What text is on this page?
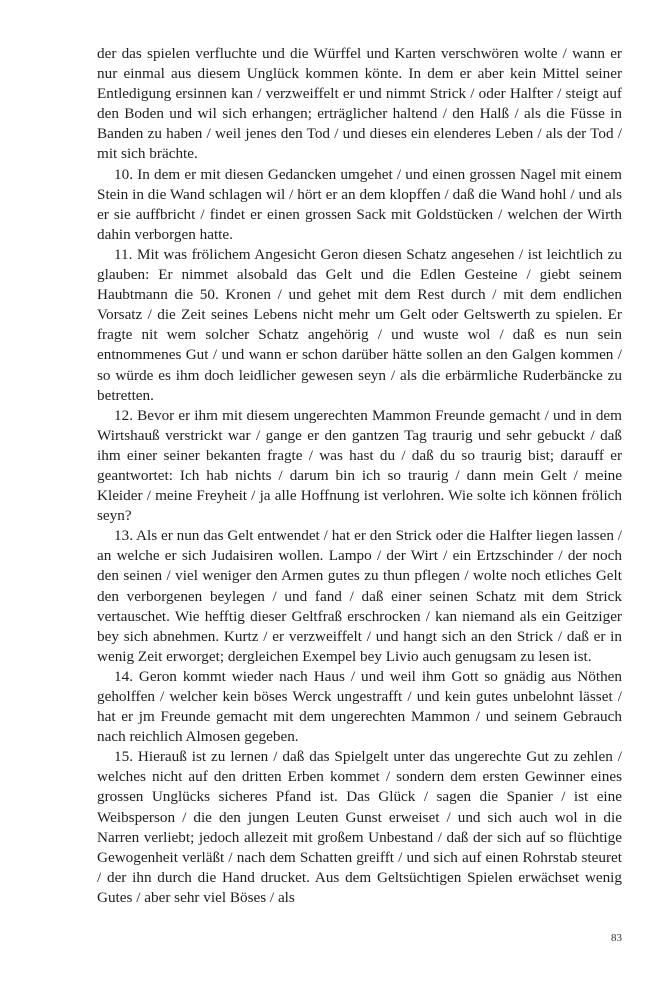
der das spielen verfluchte und die Würffel und Karten verschwören wolte / wann er nur einmal aus diesem Unglück kommen könte. In dem er aber kein Mittel seiner Entledigung ersinnen kan / verzweiffelt er und nimmt Strick / oder Halfter / steigt auf den Boden und wil sich erhangen; erträglicher haltend / den Halß / als die Füsse in Banden zu haben / weil jenes den Tod / und dieses ein elenderes Leben / als der Tod / mit sich brächte.

10. In dem er mit diesen Gedancken umgehet / und einen grossen Nagel mit einem Stein in die Wand schlagen wil / hört er an dem klopffen / daß die Wand hohl / und als er sie auffbricht / findet er einen grossen Sack mit Goldstücken / welchen der Wirth dahin verborgen hatte.

11. Mit was frölichem Angesicht Geron diesen Schatz angesehen / ist leichtlich zu glauben: Er nimmet alsobald das Gelt und die Edlen Gesteine / giebt seinem Haubtmann die 50. Kronen / und gehet mit dem Rest durch / mit dem endlichen Vorsatz / die Zeit seines Lebens nicht mehr um Gelt oder Geltswerth zu spielen. Er fragte nit wem solcher Schatz angehörig / und wuste wol / daß es nun sein entnommenes Gut / und wann er schon darüber hätte sollen an den Galgen kommen / so würde es ihm doch leidlicher gewesen seyn / als die erbärmliche Ruderbäncke zu betretten.

12. Bevor er ihm mit diesem ungerechten Mammon Freunde gemacht / und in dem Wirtshauß verstrickt war / gange er den gantzen Tag traurig und sehr gebuckt / daß ihm einer seiner bekanten fragte / was hast du / daß du so traurig bist; darauff er geantwortet: Ich hab nichts / darum bin ich so traurig / dann mein Gelt / meine Kleider / meine Freyheit / ja alle Hoffnung ist verlohren. Wie solte ich können frölich seyn?

13. Als er nun das Gelt entwendet / hat er den Strick oder die Halfter liegen lassen / an welche er sich Judaisiren wollen. Lampo / der Wirt / ein Ertzschinder / der noch den seinen / viel weniger den Armen gutes zu thun pflegen / wolte noch etliches Gelt den verborgenen beylegen / und fand / daß einer seinen Schatz mit dem Strick vertauschet. Wie hefftig dieser Geltfraß erschrocken / kan niemand als ein Geitziger bey sich abnehmen. Kurtz / er verzweiffelt / und hangt sich an den Strick / daß er in wenig Zeit erworget; dergleichen Exempel bey Livio auch genugsam zu lesen ist.

14. Geron kommt wieder nach Haus / und weil ihm Gott so gnädig aus Nöthen geholffen / welcher kein böses Werck ungestrafft / und kein gutes unbelohnt lässet / hat er jm Freunde gemacht mit dem ungerechten Mammon / und seinem Gebrauch nach reichlich Almosen gegeben.

15. Hierauß ist zu lernen / daß das Spielgelt unter das ungerechte Gut zu zehlen / welches nicht auf den dritten Erben kommet / sondern dem ersten Gewinner eines grossen Unglücks sicheres Pfand ist. Das Glück / sagen die Spanier / ist eine Weibsperson / die den jungen Leuten Gunst erweiset / und sich auch wol in die Narren verliebt; jedoch allezeit mit großem Unbestand / daß der sich auf so flüchtige Gewogenheit verläßt / nach dem Schatten greifft / und sich auf einen Rohrstab steuret / der ihn durch die Hand drucket. Aus dem Geltsüchtigen Spielen erwächset wenig Gutes / aber sehr viel Böses / als

83
